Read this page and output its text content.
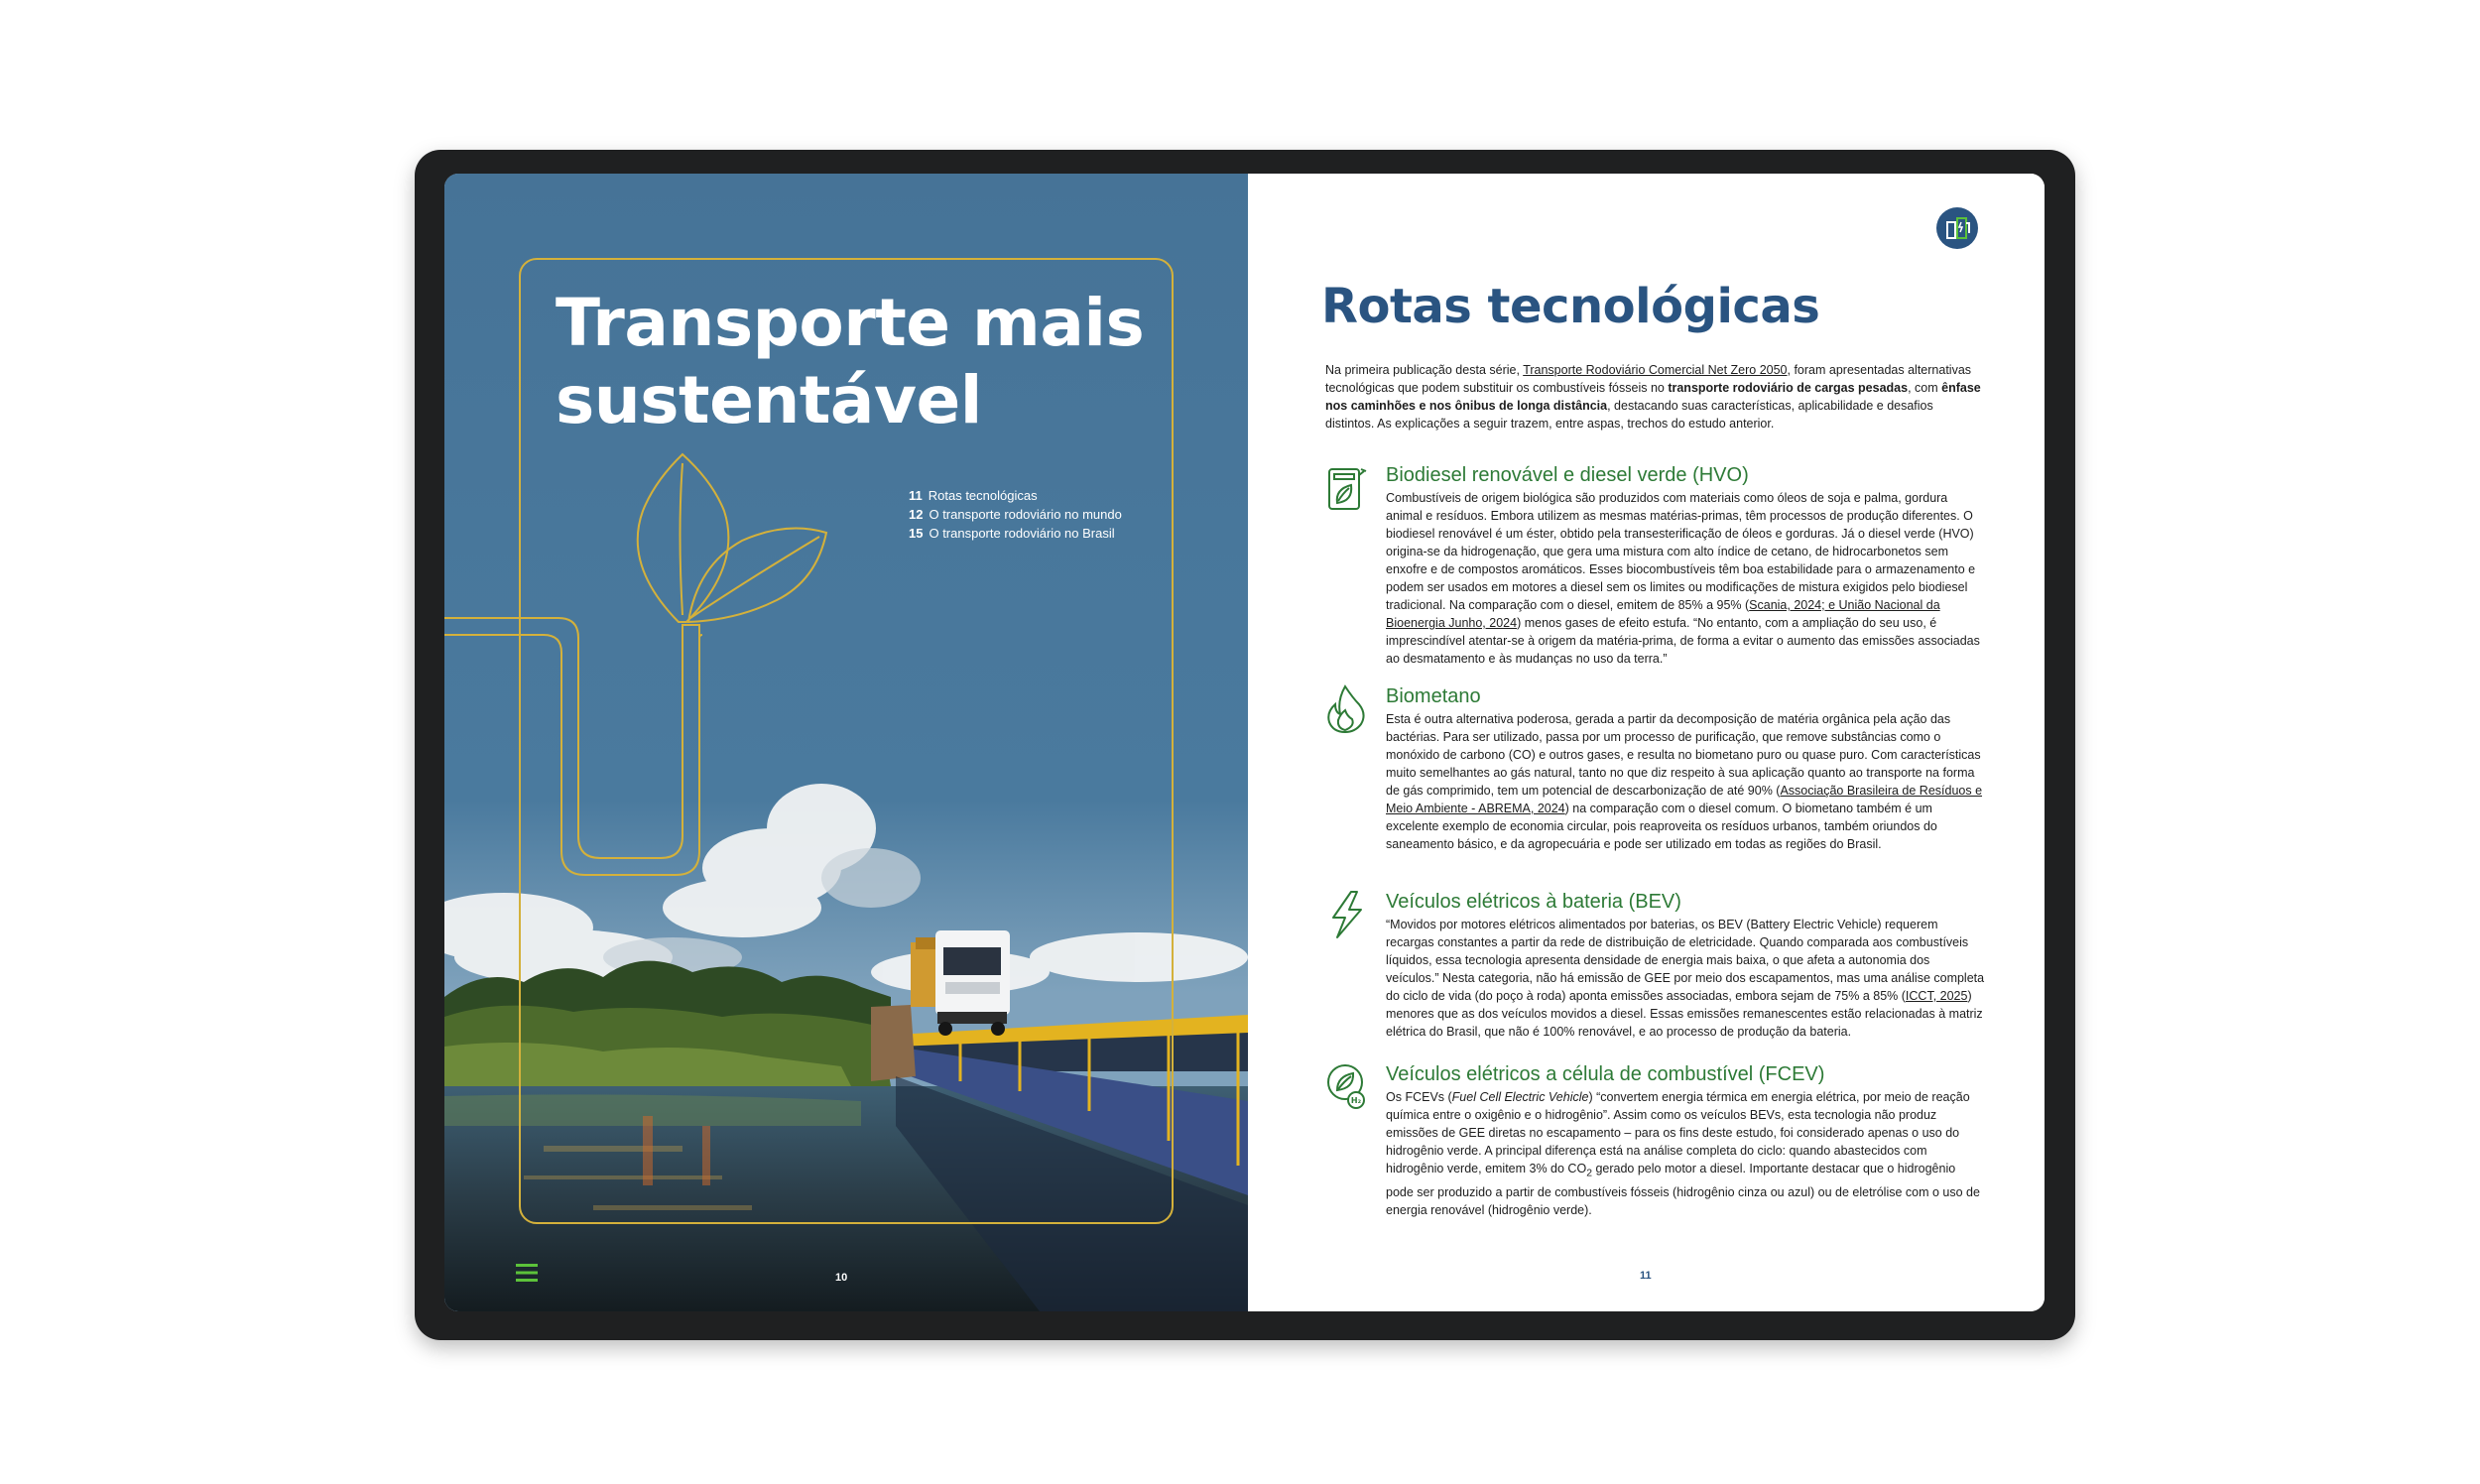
Transporte mais
sustentável
11 Rotas tecnológicas
12 O transporte rodoviário no mundo
15 O transporte rodoviário no Brasil
10
Rotas tecnológicas

Na primeira publicação desta série, Transporte Rodoviário Comercial Net Zero 2050, foram apresentadas alternativas tecnológicas que podem substituir os combustíveis fósseis no transporte rodoviário de cargas pesadas, com ênfase nos caminhões e nos ônibus de longa distância, destacando suas características, aplicabilidade e desafios distintos. As explicações a seguir trazem, entre aspas, trechos do estudo anterior.

Biodiesel renovável e diesel verde (HVO)

Combustíveis de origem biológica são produzidos com materiais como óleos de soja e palma, gordura animal e resíduos. Embora utilizem as mesmas matérias-primas, têm processos de produção diferentes. O biodiesel renovável é um éster, obtido pela transesterificação de óleos e gorduras. Já o diesel verde (HVO) origina-se da hidrogenação, que gera uma mistura com alto índice de cetano, de hidrocarbonetos sem enxofre e de compostos aromáticos. Esses biocombustíveis têm boa estabilidade para o armazenamento e podem ser usados em motores a diesel sem os limites ou modificações de mistura exigidos pelo biodiesel tradicional. Na comparação com o diesel, emitem de 85% a 95% (Scania, 2024; e União Nacional da Bioenergia Junho, 2024) menos gases de efeito estufa. “No entanto, com a ampliação do seu uso, é imprescindível atentar-se à origem da matéria-prima, de forma a evitar o aumento das emissões associadas ao desmatamento e às mudanças no uso da terra.”

Biometano

Esta é outra alternativa poderosa, gerada a partir da decomposição de matéria orgânica pela ação das bactérias. Para ser utilizado, passa por um processo de purificação, que remove substâncias como o monóxido de carbono (CO) e outros gases, e resulta no biometano puro ou quase puro. Com características muito semelhantes ao gás natural, tanto no que diz respeito à sua aplicação quanto ao transporte na forma de gás comprimido, tem um potencial de descarbonização de até 90% (Associação Brasileira de Resíduos e Meio Ambiente - ABREMA, 2024) na comparação com o diesel comum. O biometano também é um excelente exemplo de economia circular, pois reaproveita os resíduos urbanos, também oriundos do saneamento básico, e da agropecuária e pode ser utilizado em todas as regiões do Brasil.

Veículos elétricos à bateria (BEV)

“Movidos por motores elétricos alimentados por baterias, os BEV (Battery Electric Vehicle) requerem recargas constantes a partir da rede de distribuição de eletricidade. Quando comparada aos combustíveis líquidos, essa tecnologia apresenta densidade de energia mais baixa, o que afeta a autonomia dos veículos.” Nesta categoria, não há emissão de GEE por meio dos escapamentos, mas uma análise completa do ciclo de vida (do poço à roda) aponta emissões associadas, embora sejam de 75% a 85% (ICCT, 2025) menores que as dos veículos movidos a diesel. Essas emissões remanescentes estão relacionadas à matriz elétrica do Brasil, que não é 100% renovável, e ao processo de produção da bateria.

H₂
Veículos elétricos a célula de combustível (FCEV)

Os FCEVs (Fuel Cell Electric Vehicle) “convertem energia térmica em energia elétrica, por meio de reação química entre o oxigênio e o hidrogênio”. Assim como os veículos BEVs, esta tecnologia não produz emissões de GEE diretas no escapamento – para os fins deste estudo, foi considerado apenas o uso do hidrogênio verde. A principal diferença está na análise completa do ciclo: quando abastecidos com hidrogênio verde, emitem 3% do $CO_2$ gerado pelo motor a diesel. Importante destacar que o hidrogênio pode ser produzido a partir de combustíveis fósseis (hidrogênio cinza ou azul) ou de eletrólise com o uso de energia renovável (hidrogênio verde).

11
